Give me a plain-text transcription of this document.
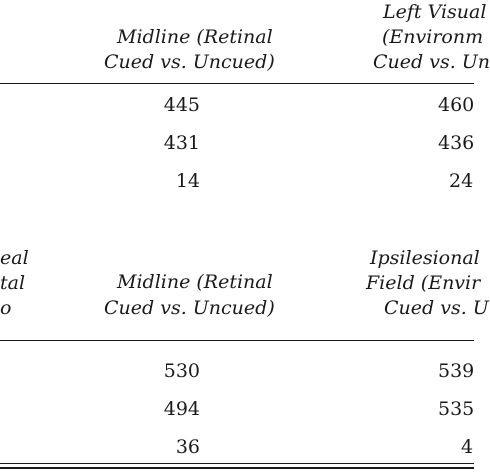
Midline (Retinal
Cued vs. Uncued)
Left Visual
(Environm
Cued vs. Un
445	460
431	436
14	24
eal
tal
o
Midline (Retinal
Cued vs. Uncued)
Ipsilesional
Field (Envir
Cued vs. U
530	539
494	535
36	4
